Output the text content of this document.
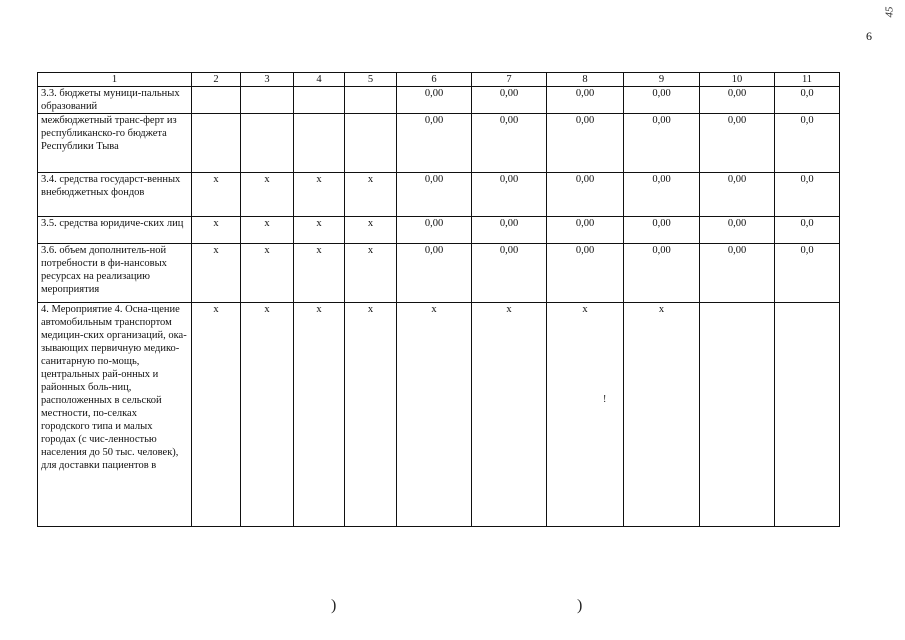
6
45
1	2	3	4	5	6	7	8	9	10	11
3.3. бюджеты муници-пальных образований					0,00	0,00	0,00	0,00	0,00	0,0
межбюджетный транс-ферт из республиканско-го бюджета Республики Тыва					0,00	0,00	0,00	0,00	0,00	0,0
3.4. средства государст-венных внебюджетных фондов	x	x	x	x	0,00	0,00	0,00	0,00	0,00	0,0
3.5. средства юридиче-ских лиц	x	x	x	x	0,00	0,00	0,00	0,00	0,00	0,0
3.6. объем дополнитель-ной потребности в фи-нансовых ресурсах на реализацию мероприятия	x	x	x	x	0,00	0,00	0,00	0,00	0,00	0,0
4. Мероприятие 4. Осна-щение автомобильным транспортом медицин-ских организаций, ока-зывающих первичную медико-санитарную по-мощь, центральных рай-онных и районных боль-ниц, расположенных в сельской местности, по-селках городского типа и малых городах (с чис-ленностью населения до 50 тыс. человек), для доставки пациентов в	x	x	x	x	x	x	x	x		
)	)
!
